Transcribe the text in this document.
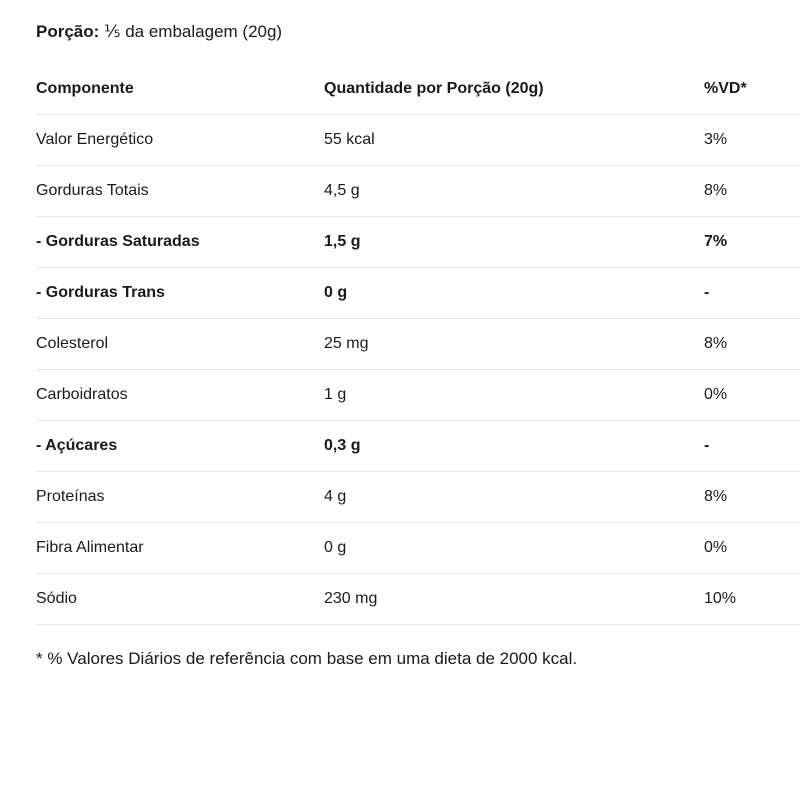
Porção: ⅕ da embalagem (20g)
Componente	Quantidade por Porção (20g)	%VD*
Valor Energético	55 kcal	3%
Gorduras Totais	4,5 g	8%
- Gorduras Saturadas	1,5 g	7%
- Gorduras Trans	0 g	-
Colesterol	25 mg	8%
Carboidratos	1 g	0%
- Açúcares	0,3 g	-
Proteínas	4 g	8%
Fibra Alimentar	0 g	0%
Sódio	230 mg	10%
* % Valores Diários de referência com base em uma dieta de 2000 kcal.
